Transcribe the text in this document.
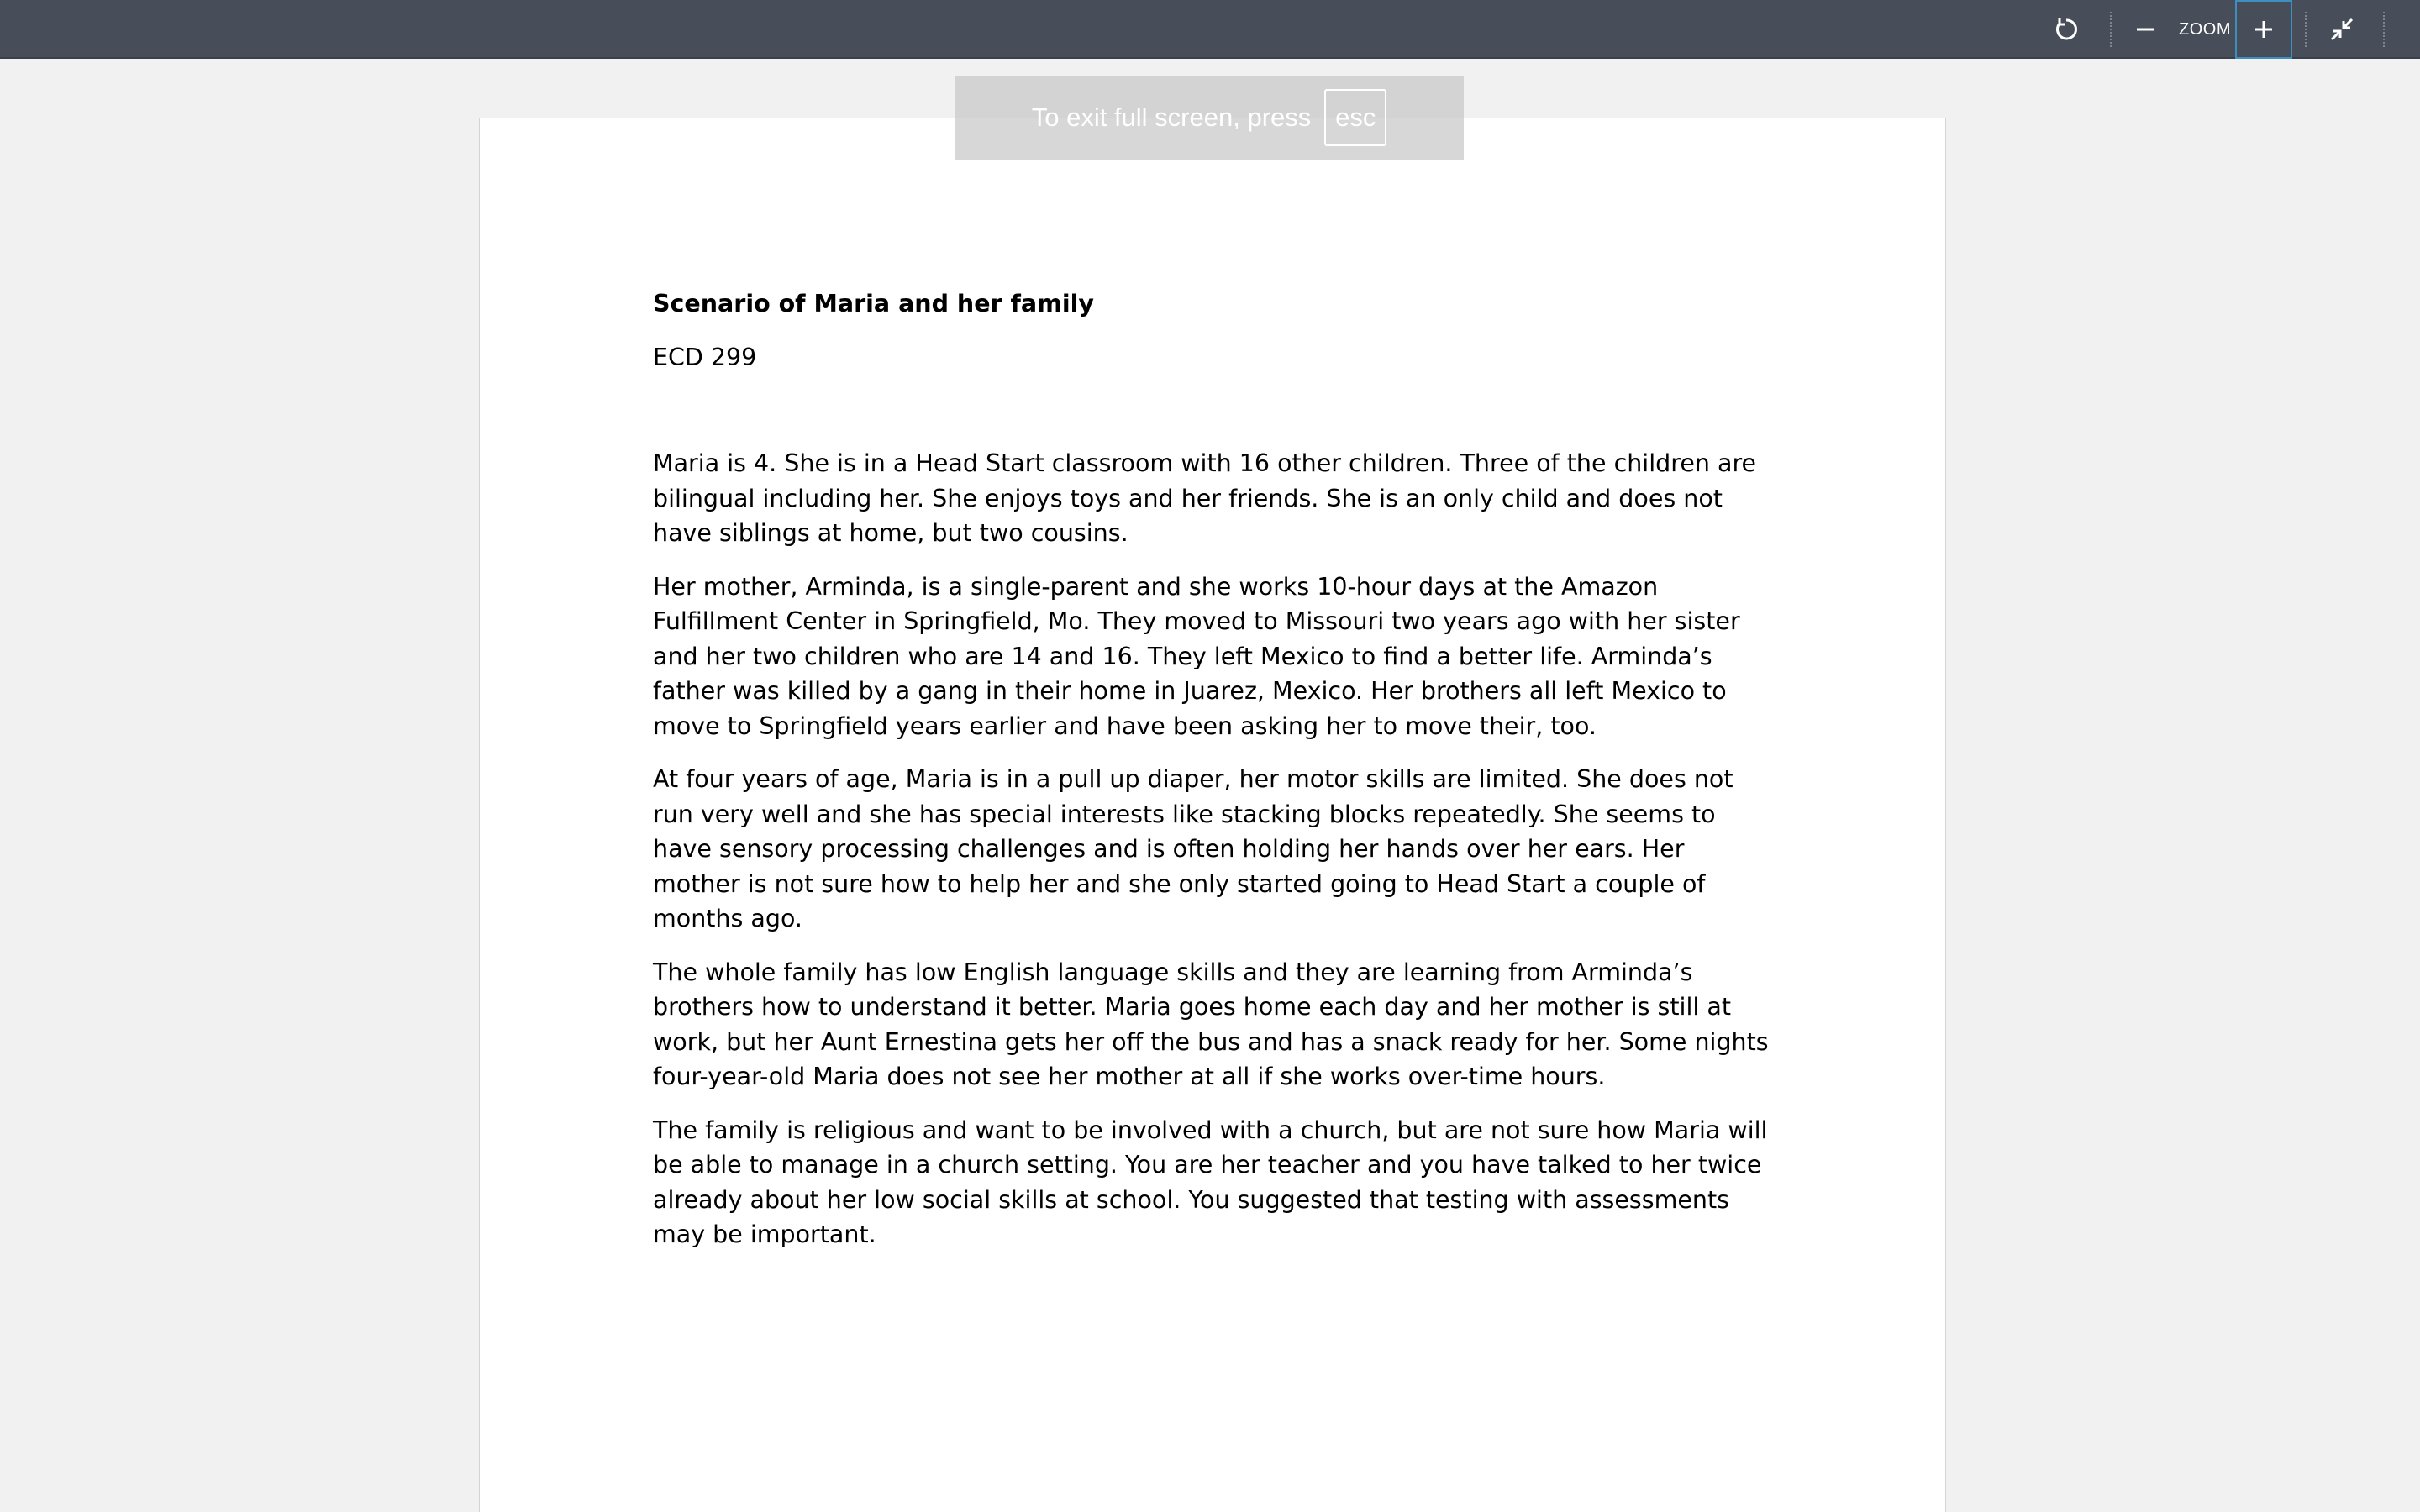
ZOOM

Scenario of Maria and her family

ECD 299

Maria is 4. She is in a Head Start classroom with 16 other children. Three of the children are bilingual including her. She enjoys toys and her friends. She is an only child and does not have siblings at home, but two cousins.

Her mother, Arminda, is a single-parent and she works 10-hour days at the Amazon Fulfillment Center in Springfield, Mo. They moved to Missouri two years ago with her sister and her two children who are 14 and 16. They left Mexico to find a better life. Arminda’s father was killed by a gang in their home in Juarez, Mexico. Her brothers all left Mexico to move to Springfield years earlier and have been asking her to move their, too.

At four years of age, Maria is in a pull up diaper, her motor skills are limited. She does not run very well and she has special interests like stacking blocks repeatedly. She seems to have sensory processing challenges and is often holding her hands over her ears. Her mother is not sure how to help her and she only started going to Head Start a couple of months ago.

The whole family has low English language skills and they are learning from Arminda’s brothers how to understand it better. Maria goes home each day and her mother is still at work, but her Aunt Ernestina gets her off the bus and has a snack ready for her. Some nights four-year-old Maria does not see her mother at all if she works over-time hours.

The family is religious and want to be involved with a church, but are not sure how Maria will be able to manage in a church setting. You are her teacher and you have talked to her twice already about her low social skills at school. You suggested that testing with assessments may be important.

To exit full screen, press esc
